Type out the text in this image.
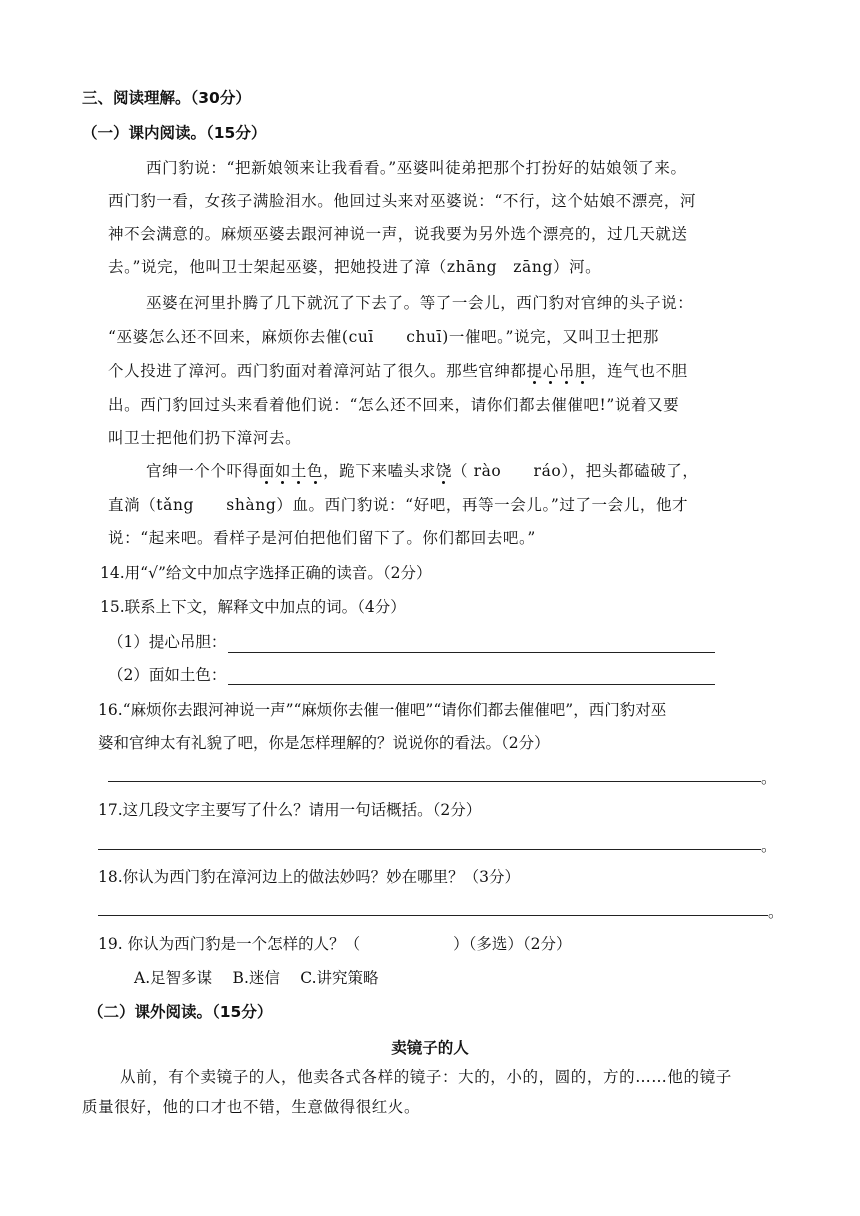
三、阅读理解。（30分）
（一）课内阅读。（15分）
西门豹说：“把新娘领来让我看看。”巫婆叫徒弟把那个打扮好的姑娘领了来。
西门豹一看，女孩子满脸泪水。他回过头来对巫婆说：“不行，这个姑娘不漂亮，河
神不会满意的。麻烦巫婆去跟河神说一声，说我要为另外选个漂亮的，过几天就送
去。”说完，他叫卫士架起巫婆，把她投进了漳（zhāng　zāng）河。
巫婆在河里扑腾了几下就沉了下去了。等了一会儿，西门豹对官绅的头子说：
“巫婆怎么还不回来，麻烦你去催(cuī　　chuī)一催吧。”说完，又叫卫士把那
个人投进了漳河。西门豹面对着漳河站了很久。那些官绅都提心吊胆，连气也不胆
出。西门豹回过头来看着他们说：“怎么还不回来，请你们都去催催吧!”说着又要
叫卫士把他们扔下漳河去。
官绅一个个吓得面如土色，跪下来嗑头求饶（ rào　　ráo），把头都磕破了，
直淌（tǎng　　shàng）血。西门豹说：“好吧，再等一会儿。”过了一会儿，他才
说：“起来吧。看样子是河伯把他们留下了。你们都回去吧。”
14.用“√”给文中加点字选择正确的读音。（2分）
15.联系上下文，解释文中加点的词。（4分）
（1）提心吊胆：
（2）面如土色：
16.“麻烦你去跟河神说一声”“麻烦你去催一催吧”“请你们都去催催吧”，西门豹对巫
婆和官绅太有礼貌了吧，你是怎样理解的？说说你的看法。（2分）
。
17.这几段文字主要写了什么？请用一句话概括。（2分）
。
18.你认为西门豹在漳河边上的做法妙吗？妙在哪里？（3分）
。
19. 你认为西门豹是一个怎样的人？（　　　　　　）（多选）（2分）
A.足智多谋　 B.迷信　 C.讲究策略
（二）课外阅读。（15分）
卖镜子的人
从前，有个卖镜子的人，他卖各式各样的镜子：大的，小的，圆的，方的……他的镜子
质量很好，他的口才也不错，生意做得很红火。
